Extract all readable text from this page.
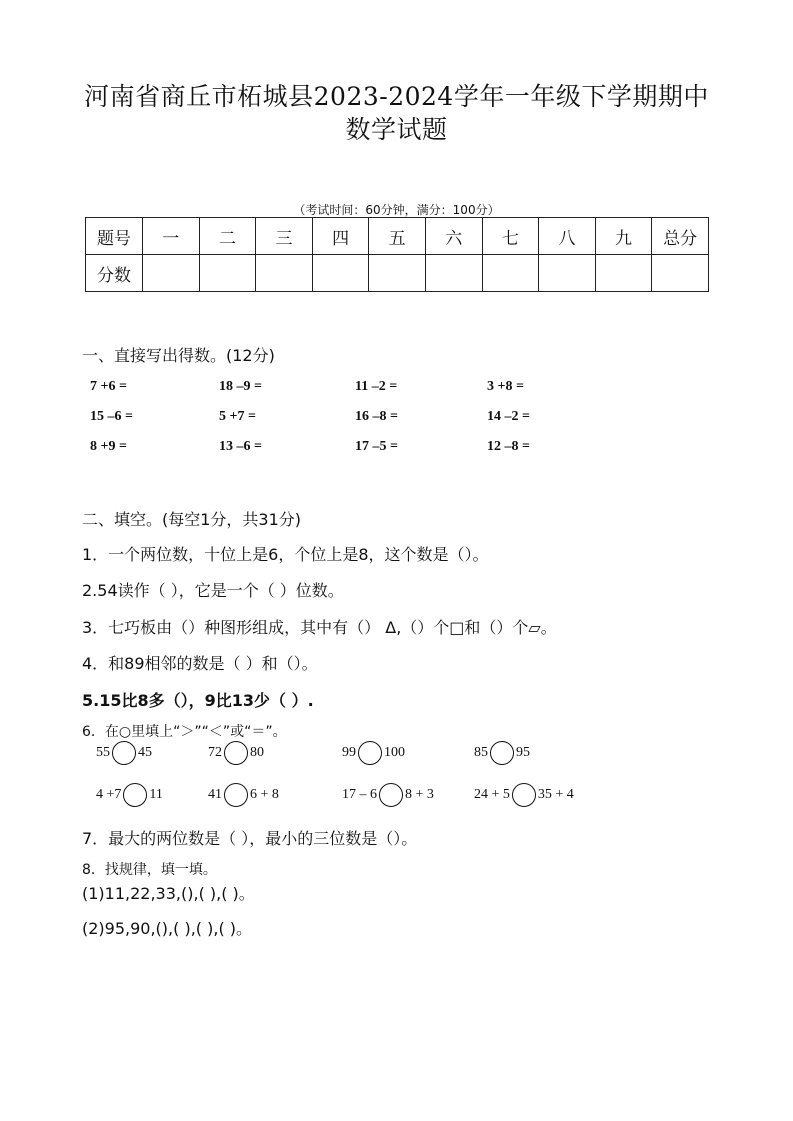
河南省商丘市柘城县2023-2024学年一年级下学期期中
数学试题
（考试时间：60分钟，满分：100分）
题号	一	二	三	四	五	六	七	八	九	总分
分数										
一、直接写出得数。(12分)
7 +6 =	18 –9 =	11 –2 =	3 +8 =
15 –6 =	5 +7 =	16 –8 =	14 –2 =
8 +9 =	13 –6 =	17 –5 =	12 –8 =
二、填空。(每空1分，共31分)
1．一个两位数，十位上是6，个位上是8，这个数是（）。
2.54读作（ ），它是一个（ ）位数。
3．七巧板由（）种图形组成，其中有（） Δ,（）个□和（）个▱。
4．和89相邻的数是（ ）和（）。
5.15比8多（），9比13少（ ）.
6．在○里填上“＞”“＜”或“＝”。
55 45	72 80	99 100	85 95
4 +7 11	41 6 + 8	17 – 6 8 + 3	24 + 5 35 + 4
7．最大的两位数是（ ），最小的三位数是（）。
8．找规律，填一填。
(1)11,22,33,(),( ),( )。
(2)95,90,(),( ),( ),( )。
